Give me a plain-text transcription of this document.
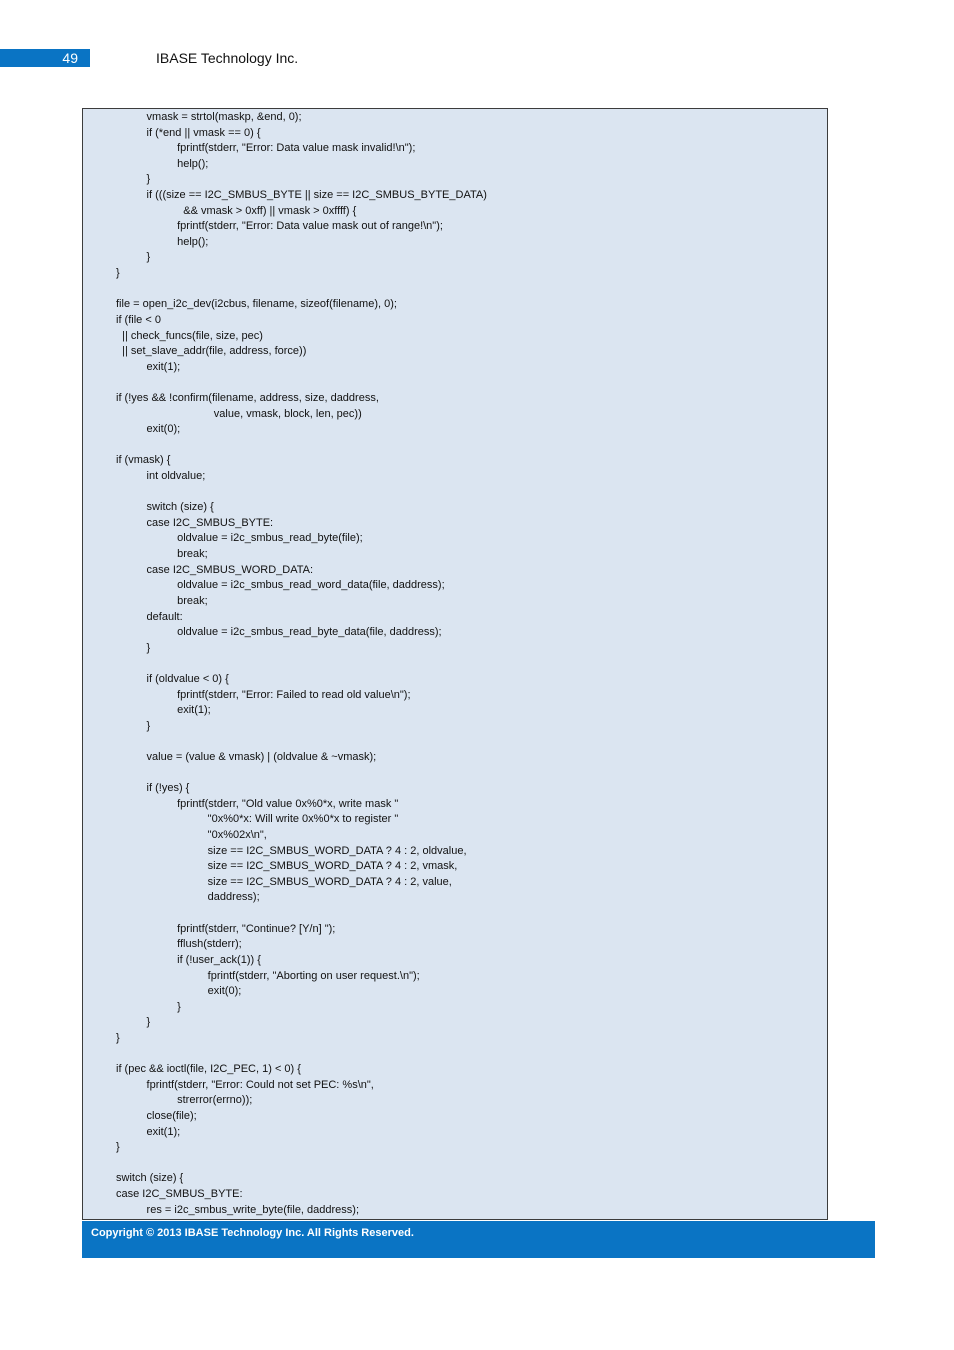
49	IBASE Technology Inc.
vmask = strtol(maskp, &end, 0);
if (*end || vmask == 0) {
fprintf(stderr, "Error: Data value mask invalid!\n");
help();
}
if (((size == I2C_SMBUS_BYTE || size == I2C_SMBUS_BYTE_DATA)
&& vmask > 0xff) || vmask > 0xffff) {
fprintf(stderr, "Error: Data value mask out of range!\n");
help();
}
}
file = open_i2c_dev(i2cbus, filename, sizeof(filename), 0);
if (file < 0
|| check_funcs(file, size, pec)
|| set_slave_addr(file, address, force))
exit(1);
if (!yes && !confirm(filename, address, size, daddress,
value, vmask, block, len, pec))
exit(0);
if (vmask) {
int oldvalue;
switch (size) {
case I2C_SMBUS_BYTE:
oldvalue = i2c_smbus_read_byte(file);
break;
case I2C_SMBUS_WORD_DATA:
oldvalue = i2c_smbus_read_word_data(file, daddress);
break;
default:
oldvalue = i2c_smbus_read_byte_data(file, daddress);
}
if (oldvalue < 0) {
fprintf(stderr, "Error: Failed to read old value\n");
exit(1);
}
value = (value & vmask) | (oldvalue & ~vmask);
if (!yes) {
fprintf(stderr, "Old value 0x%0*x, write mask "
"0x%0*x: Will write 0x%0*x to register "
"0x%02x\n",
size == I2C_SMBUS_WORD_DATA ? 4 : 2, oldvalue,
size == I2C_SMBUS_WORD_DATA ? 4 : 2, vmask,
size == I2C_SMBUS_WORD_DATA ? 4 : 2, value,
daddress);
fprintf(stderr, "Continue? [Y/n] ");
fflush(stderr);
if (!user_ack(1)) {
fprintf(stderr, "Aborting on user request.\n");
exit(0);
}
}
}
if (pec && ioctl(file, I2C_PEC, 1) < 0) {
fprintf(stderr, "Error: Could not set PEC: %s\n",
strerror(errno));
close(file);
exit(1);
}
switch (size) {
case I2C_SMBUS_BYTE:
res = i2c_smbus_write_byte(file, daddress);
Copyright © 2013 IBASE Technology Inc. All Rights Reserved.
